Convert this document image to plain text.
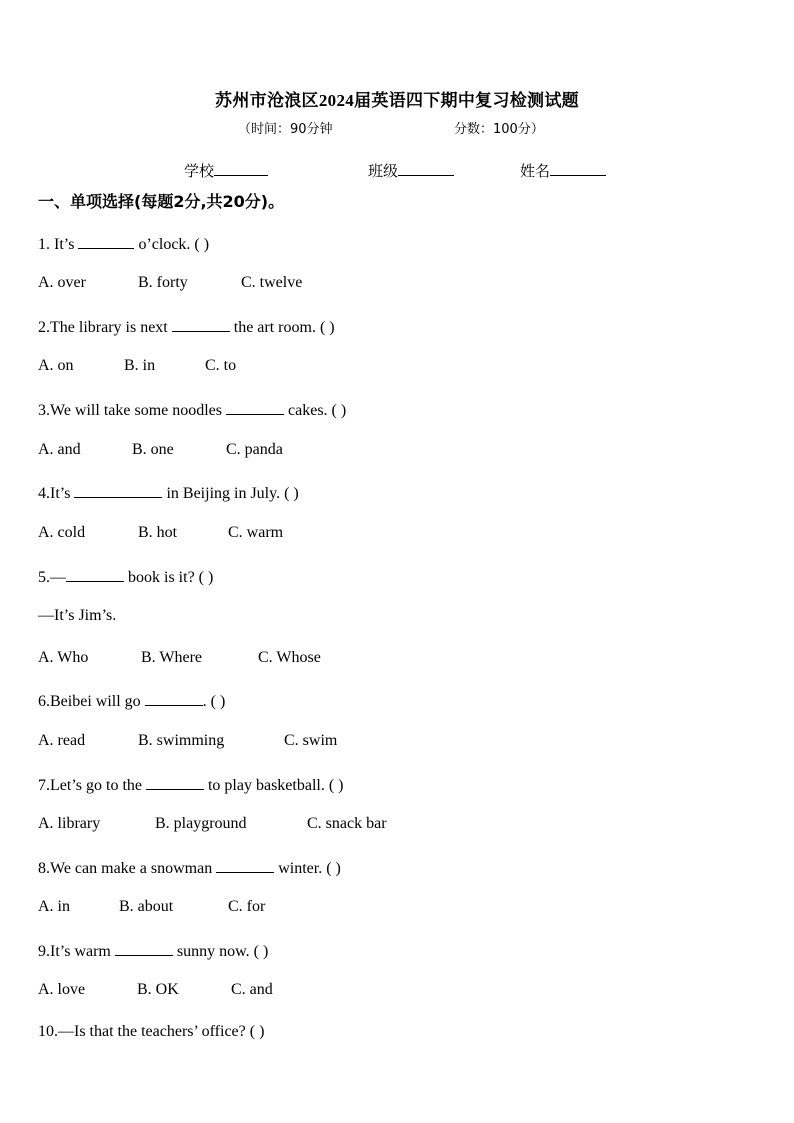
苏州市沧浪区2024届英语四下期中复习检测试题
（时间：90分钟	分数：100分）
学校	班级	姓名
一、单项选择(每题2分,共20分)。
1. It’s	o’clock. ( )
A. over	B. forty	C. twelve
2.The library is next	the art room. ( )
A. on	B. in	C. to
3.We will take some noodles	cakes. ( )
A. and	B. one	C. panda
4.It’s	in Beijing in July. ( )
A. cold	B. hot	C. warm
5.—	book is it? ( )
—It’s Jim’s.
A. Who	B. Where	C. Whose
6.Beibei will go	. ( )
A. read	B. swimming	C. swim
7.Let’s go to the	to play basketball. ( )
A. library	B. playground	C. snack bar
8.We can make a snowman	winter. ( )
A. in	B. about	C. for
9.It’s warm	sunny now. ( )
A. love	B. OK	C. and
10.—Is that the teachers’ office? ( )
